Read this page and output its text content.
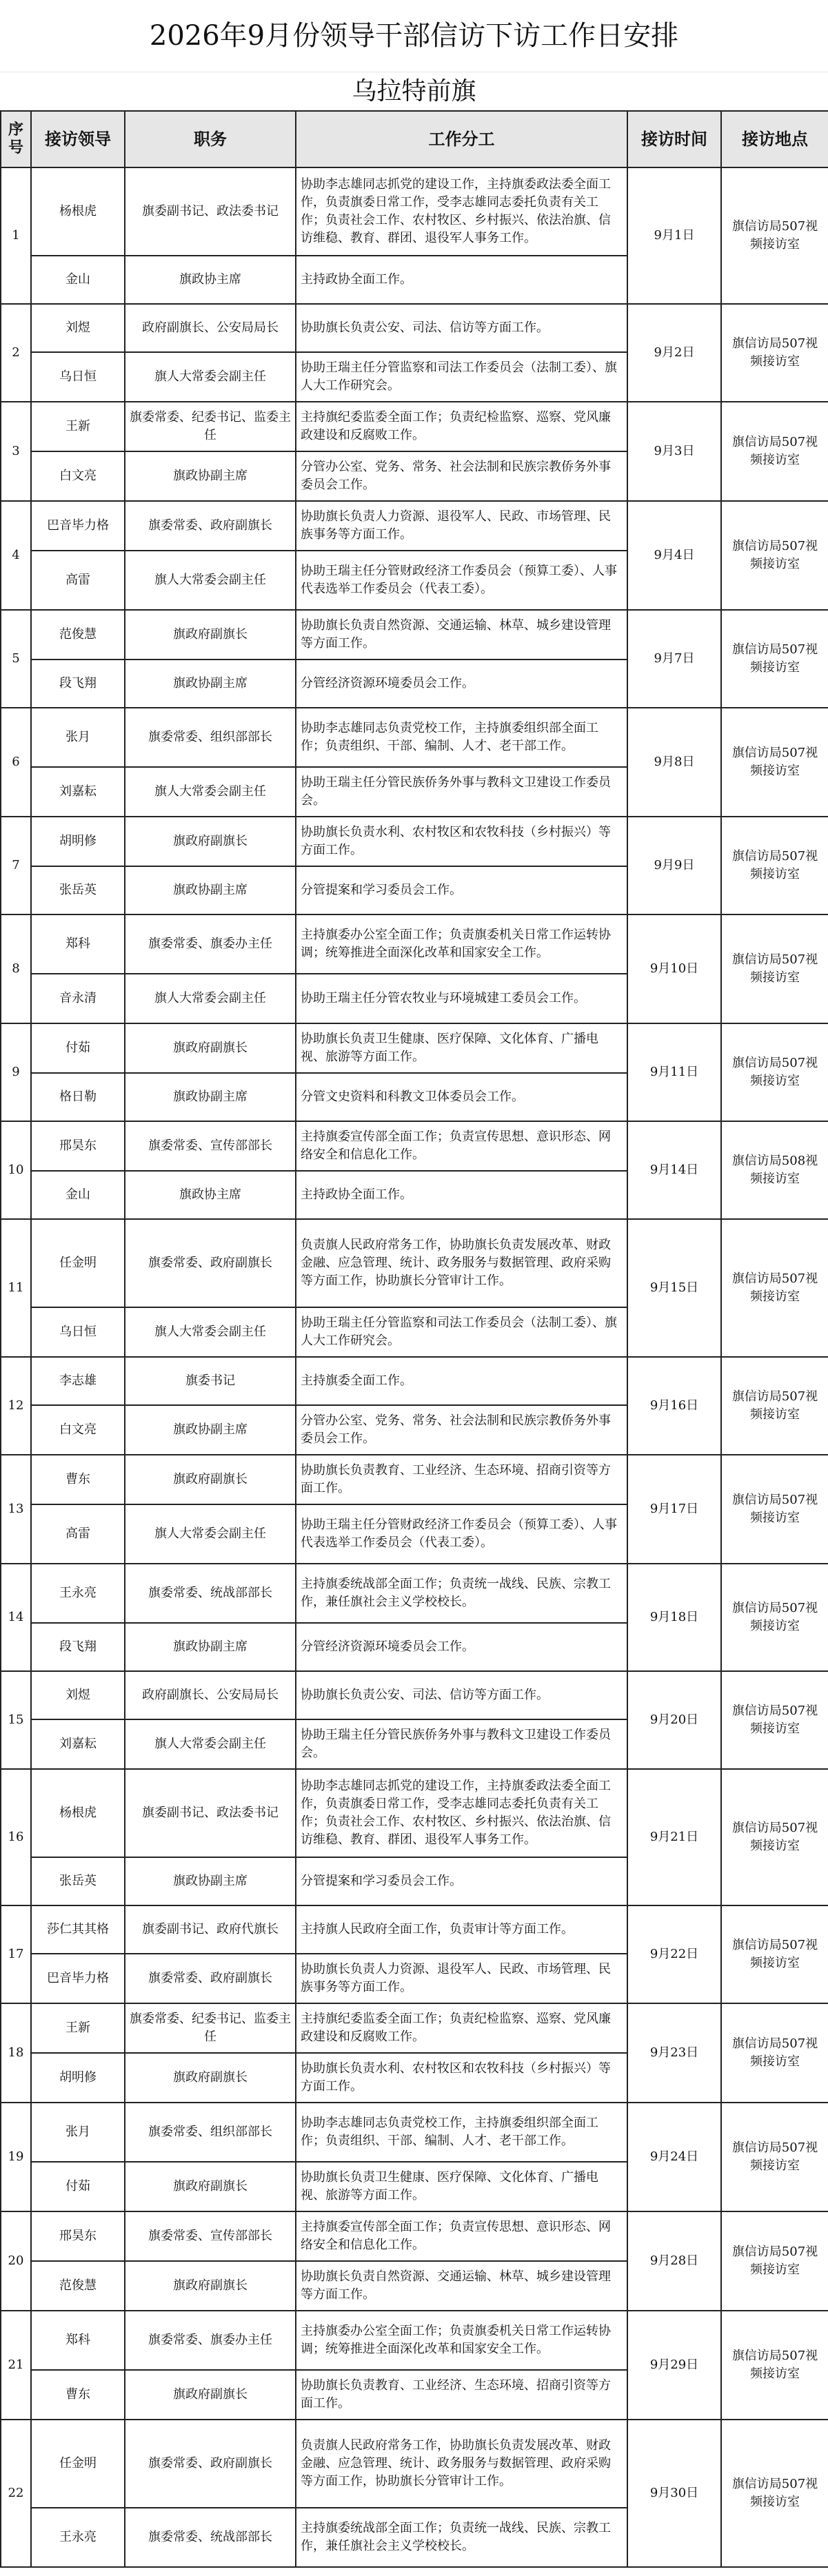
2026年9月份领导干部信访下访工作日安排
乌拉特前旗
序号	接访领导	职务	工作分工	接访时间	接访地点
1	杨根虎	旗委副书记、政法委书记	协助李志雄同志抓党的建设工作，主持旗委政法委全面工作，负责旗委日常工作，受李志雄同志委托负责有关工作；负责社会工作、农村牧区、乡村振兴、依法治旗、信访维稳、教育、群团、退役军人事务工作。	9月1日	旗信访局507视频接访室
	金山	旗政协主席	主持政协全面工作。		
2	刘煜	政府副旗长、公安局局长	协助旗长负责公安、司法、信访等方面工作。	9月2日	旗信访局507视频接访室
	乌日恒	旗人大常委会副主任	协助王瑞主任分管监察和司法工作委员会（法制工委）、旗人大工作研究会。		
3	王新	旗委常委、纪委书记、监委主任	主持旗纪委监委全面工作；负责纪检监察、巡察、党风廉政建设和反腐败工作。	9月3日	旗信访局507视频接访室
	白文亮	旗政协副主席	分管办公室、党务、常务、社会法制和民族宗教侨务外事委员会工作。		
4	巴音毕力格	旗委常委、政府副旗长	协助旗长负责人力资源、退役军人、民政、市场管理、民族事务等方面工作。	9月4日	旗信访局507视频接访室
	高雷	旗人大常委会副主任	协助王瑞主任分管财政经济工作委员会（预算工委）、人事代表选举工作委员会（代表工委）。		
5	范俊慧	旗政府副旗长	协助旗长负责自然资源、交通运输、林草、城乡建设管理等方面工作。	9月7日	旗信访局507视频接访室
	段飞翔	旗政协副主席	分管经济资源环境委员会工作。		
6	张月	旗委常委、组织部部长	协助李志雄同志负责党校工作，主持旗委组织部全面工作；负责组织、干部、编制、人才、老干部工作。	9月8日	旗信访局507视频接访室
	刘嘉耘	旗人大常委会副主任	协助王瑞主任分管民族侨务外事与教科文卫建设工作委员会。		
7	胡明修	旗政府副旗长	协助旗长负责水利、农村牧区和农牧科技（乡村振兴）等方面工作。	9月9日	旗信访局507视频接访室
	张岳英	旗政协副主席	分管提案和学习委员会工作。		
8	郑科	旗委常委、旗委办主任	主持旗委办公室全面工作；负责旗委机关日常工作运转协调；统筹推进全面深化改革和国家安全工作。	9月10日	旗信访局507视频接访室
	音永清	旗人大常委会副主任	协助王瑞主任分管农牧业与环境城建工委员会工作。		
9	付茹	旗政府副旗长	协助旗长负责卫生健康、医疗保障、文化体育、广播电视、旅游等方面工作。	9月11日	旗信访局507视频接访室
	格日勒	旗政协副主席	分管文史资料和科教文卫体委员会工作。		
10	邢昊东	旗委常委、宣传部部长	主持旗委宣传部全面工作；负责宣传思想、意识形态、网络安全和信息化工作。	9月14日	旗信访局508视频接访室
	金山	旗政协主席	主持政协全面工作。		
11	任金明	旗委常委、政府副旗长	负责旗人民政府常务工作，协助旗长负责发展改革、财政金融、应急管理、统计、政务服务与数据管理、政府采购等方面工作，协助旗长分管审计工作。	9月15日	旗信访局507视频接访室
	乌日恒	旗人大常委会副主任	协助王瑞主任分管监察和司法工作委员会（法制工委）、旗人大工作研究会。		
12	李志雄	旗委书记	主持旗委全面工作。	9月16日	旗信访局507视频接访室
	白文亮	旗政协副主席	分管办公室、党务、常务、社会法制和民族宗教侨务外事委员会工作。		
13	曹东	旗政府副旗长	协助旗长负责教育、工业经济、生态环境、招商引资等方面工作。	9月17日	旗信访局507视频接访室
	高雷	旗人大常委会副主任	协助王瑞主任分管财政经济工作委员会（预算工委）、人事代表选举工作委员会（代表工委）。		
14	王永亮	旗委常委、统战部部长	主持旗委统战部全面工作；负责统一战线、民族、宗教工作，兼任旗社会主义学校校长。	9月18日	旗信访局507视频接访室
	段飞翔	旗政协副主席	分管经济资源环境委员会工作。		
15	刘煜	政府副旗长、公安局局长	协助旗长负责公安、司法、信访等方面工作。	9月20日	旗信访局507视频接访室
	刘嘉耘	旗人大常委会副主任	协助王瑞主任分管民族侨务外事与教科文卫建设工作委员会。		
16	杨根虎	旗委副书记、政法委书记	协助李志雄同志抓党的建设工作，主持旗委政法委全面工作，负责旗委日常工作，受李志雄同志委托负责有关工作；负责社会工作、农村牧区、乡村振兴、依法治旗、信访维稳、教育、群团、退役军人事务工作。	9月21日	旗信访局507视频接访室
	张岳英	旗政协副主席	分管提案和学习委员会工作。		
17	莎仁其其格	旗委副书记、政府代旗长	主持旗人民政府全面工作，负责审计等方面工作。	9月22日	旗信访局507视频接访室
	巴音毕力格	旗委常委、政府副旗长	协助旗长负责人力资源、退役军人、民政、市场管理、民族事务等方面工作。		
18	王新	旗委常委、纪委书记、监委主任	主持旗纪委监委全面工作；负责纪检监察、巡察、党风廉政建设和反腐败工作。	9月23日	旗信访局507视频接访室
	胡明修	旗政府副旗长	协助旗长负责水利、农村牧区和农牧科技（乡村振兴）等方面工作。		
19	张月	旗委常委、组织部部长	协助李志雄同志负责党校工作，主持旗委组织部全面工作；负责组织、干部、编制、人才、老干部工作。	9月24日	旗信访局507视频接访室
	付茹	旗政府副旗长	协助旗长负责卫生健康、医疗保障、文化体育、广播电视、旅游等方面工作。		
20	邢昊东	旗委常委、宣传部部长	主持旗委宣传部全面工作；负责宣传思想、意识形态、网络安全和信息化工作。	9月28日	旗信访局507视频接访室
	范俊慧	旗政府副旗长	协助旗长负责自然资源、交通运输、林草、城乡建设管理等方面工作。		
21	郑科	旗委常委、旗委办主任	主持旗委办公室全面工作；负责旗委机关日常工作运转协调；统筹推进全面深化改革和国家安全工作。	9月29日	旗信访局507视频接访室
	曹东	旗政府副旗长	协助旗长负责教育、工业经济、生态环境、招商引资等方面工作。		
22	任金明	旗委常委、政府副旗长	负责旗人民政府常务工作，协助旗长负责发展改革、财政金融、应急管理、统计、政务服务与数据管理、政府采购等方面工作，协助旗长分管审计工作。	9月30日	旗信访局507视频接访室
	王永亮	旗委常委、统战部部长	主持旗委统战部全面工作；负责统一战线、民族、宗教工作，兼任旗社会主义学校校长。		
